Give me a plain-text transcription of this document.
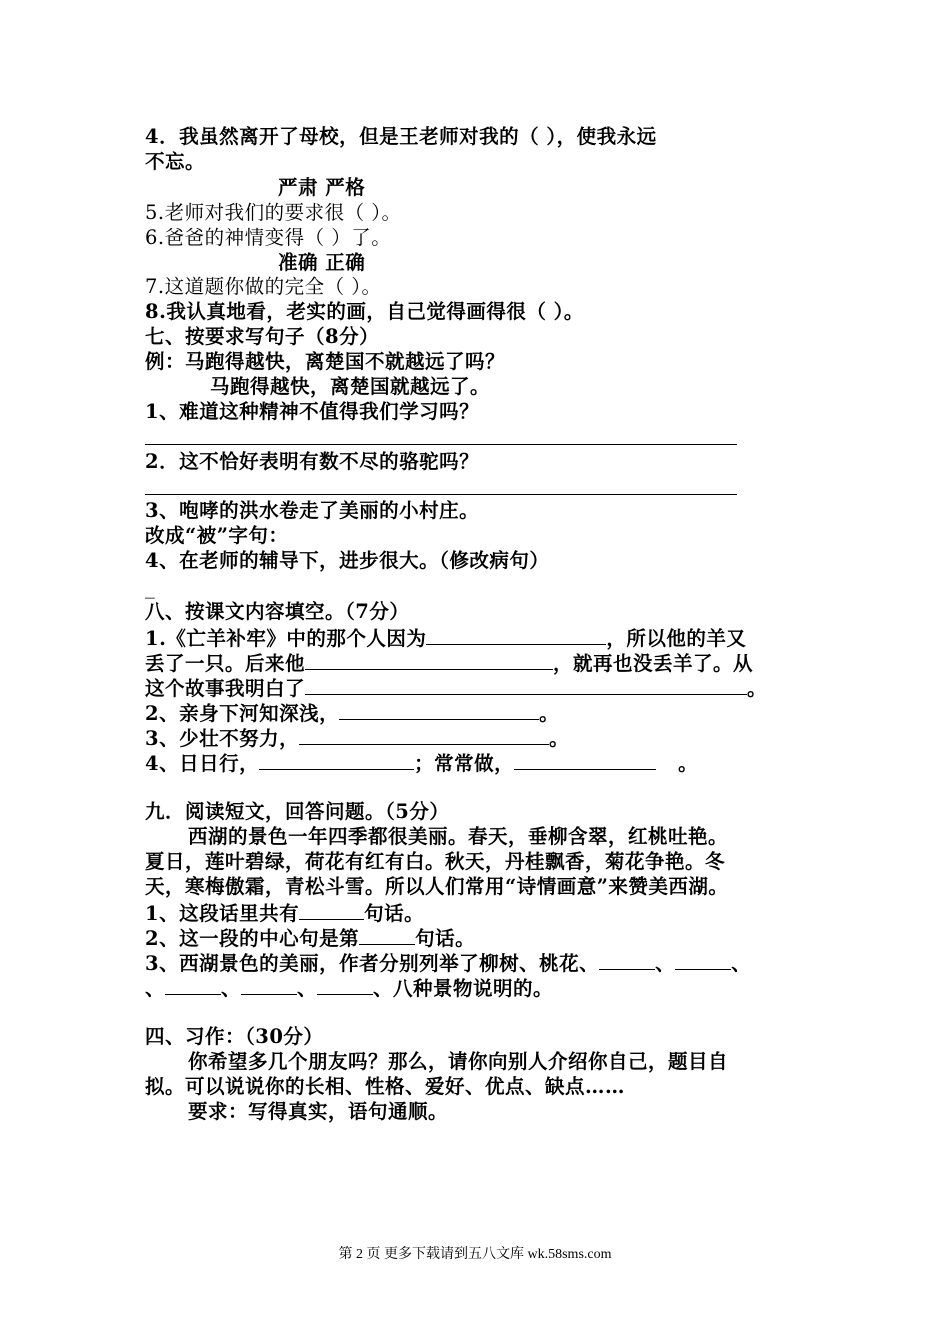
4．我虽然离开了母校，但是王老师对我的（ ），使我永远
不忘。
严肃 严格
5.老师对我们的要求很（ ）。
6.爸爸的神情变得（ ）了。
准确 正确
7.这道题你做的完全（ ）。
8.我认真地看，老实的画，自己觉得画得很（ ）。
七、按要求写句子（8分）
例：马跑得越快，离楚国不就越远了吗？
马跑得越快，离楚国就越远了。
1、难道这种精神不值得我们学习吗？
2．这不恰好表明有数不尽的骆驼吗？
3、咆哮的洪水卷走了美丽的小村庄。
改成“被”字句：
4、在老师的辅导下，进步很大。（修改病句）
_
八、按课文内容填空。（7分）
1.《亡羊补牢》中的那个人因为	，所以他的羊又
丢了一只。后来他	，就再也没丢羊了。从
这个故事我明白了	。
2、亲身下河知深浅，	。
3、少壮不努力，	。
4、日日行，	；常常做，	。
九．阅读短文，回答问题。（5分）
西湖的景色一年四季都很美丽。春天，垂柳含翠，红桃吐艳。
夏日，莲叶碧绿，荷花有红有白。秋天，丹桂飘香，菊花争艳。冬
天，寒梅傲霜，青松斗雪。所以人们常用“诗情画意”来赞美西湖。
1、这段话里共有	句话。
2、这一段的中心句是第	句话。
3、西湖景色的美丽，作者分别列举了柳树、桃花、	、	、
、	、	、	、八种景物说明的。
四、习作：（30分）
你希望多几个朋友吗？那么，请你向别人介绍你自己，题目自
拟。可以说说你的长相、性格、爱好、优点、缺点……
要求：写得真实，语句通顺。
第 2 页 更多下载请到五八文库 wk.58sms.com
